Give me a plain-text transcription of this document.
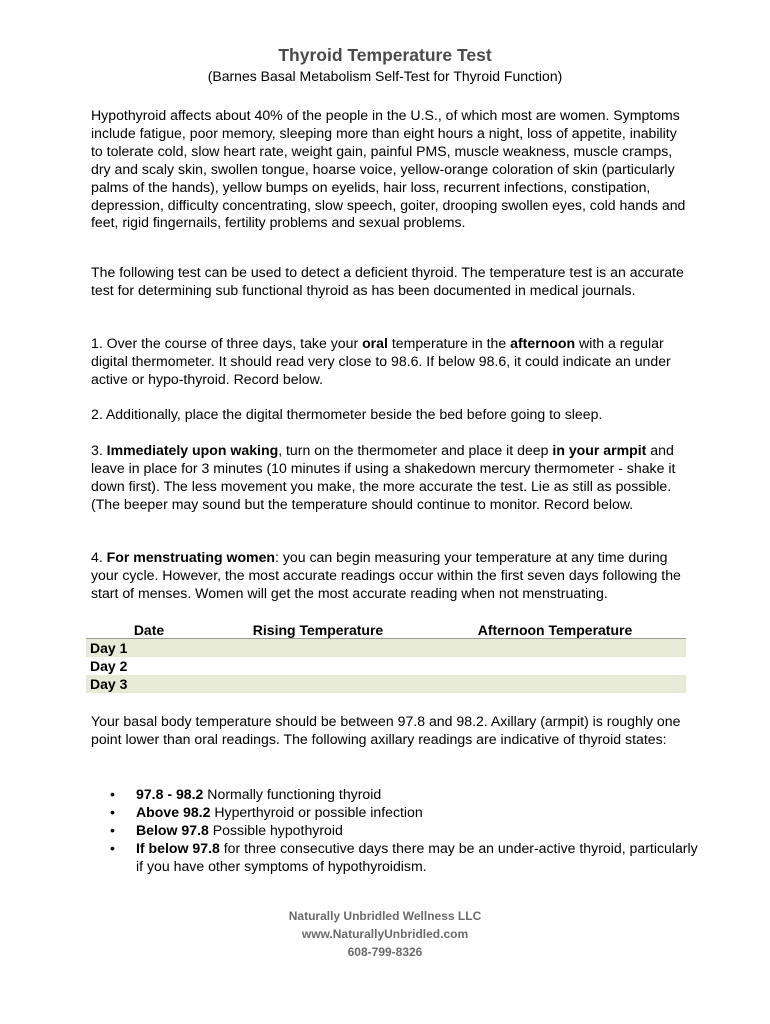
Thyroid Temperature Test
(Barnes Basal Metabolism Self-Test for Thyroid Function)

Hypothyroid affects about 40% of the people in the U.S., of which most are women. Symptoms include fatigue, poor memory, sleeping more than eight hours a night, loss of appetite, inability to tolerate cold, slow heart rate, weight gain, painful PMS, muscle weakness, muscle cramps, dry and scaly skin, swollen tongue, hoarse voice, yellow-orange coloration of skin (particularly palms of the hands), yellow bumps on eyelids, hair loss, recurrent infections, constipation, depression, difficulty concentrating, slow speech, goiter, drooping swollen eyes, cold hands and feet, rigid fingernails, fertility problems and sexual problems.

The following test can be used to detect a deficient thyroid. The temperature test is an accurate test for determining sub functional thyroid as has been documented in medical journals.

1. Over the course of three days, take your oral temperature in the afternoon with a regular digital thermometer. It should read very close to 98.6. If below 98.6, it could indicate an under active or hypo-thyroid. Record below.

2. Additionally, place the digital thermometer beside the bed before going to sleep.

3. Immediately upon waking, turn on the thermometer and place it deep in your armpit and leave in place for 3 minutes (10 minutes if using a shakedown mercury thermometer - shake it down first). The less movement you make, the more accurate the test. Lie as still as possible. (The beeper may sound but the temperature should continue to monitor. Record below.

4. For menstruating women: you can begin measuring your temperature at any time during your cycle. However, the most accurate readings occur within the first seven days following the start of menses. Women will get the most accurate reading when not menstruating.

Date	Rising Temperature	Afternoon Temperature
Day 1		
Day 2		
Day 3		

Your basal body temperature should be between 97.8 and 98.2. Axillary (armpit) is roughly one point lower than oral readings. The following axillary readings are indicative of thyroid states:

• 97.8 - 98.2 Normally functioning thyroid
• Above 98.2 Hyperthyroid or possible infection
• Below 97.8 Possible hypothyroid
• If below 97.8 for three consecutive days there may be an under-active thyroid, particularly if you have other symptoms of hypothyroidism.
Naturally Unbridled Wellness LLC
www.NaturallyUnbridled.com
608-799-8326
